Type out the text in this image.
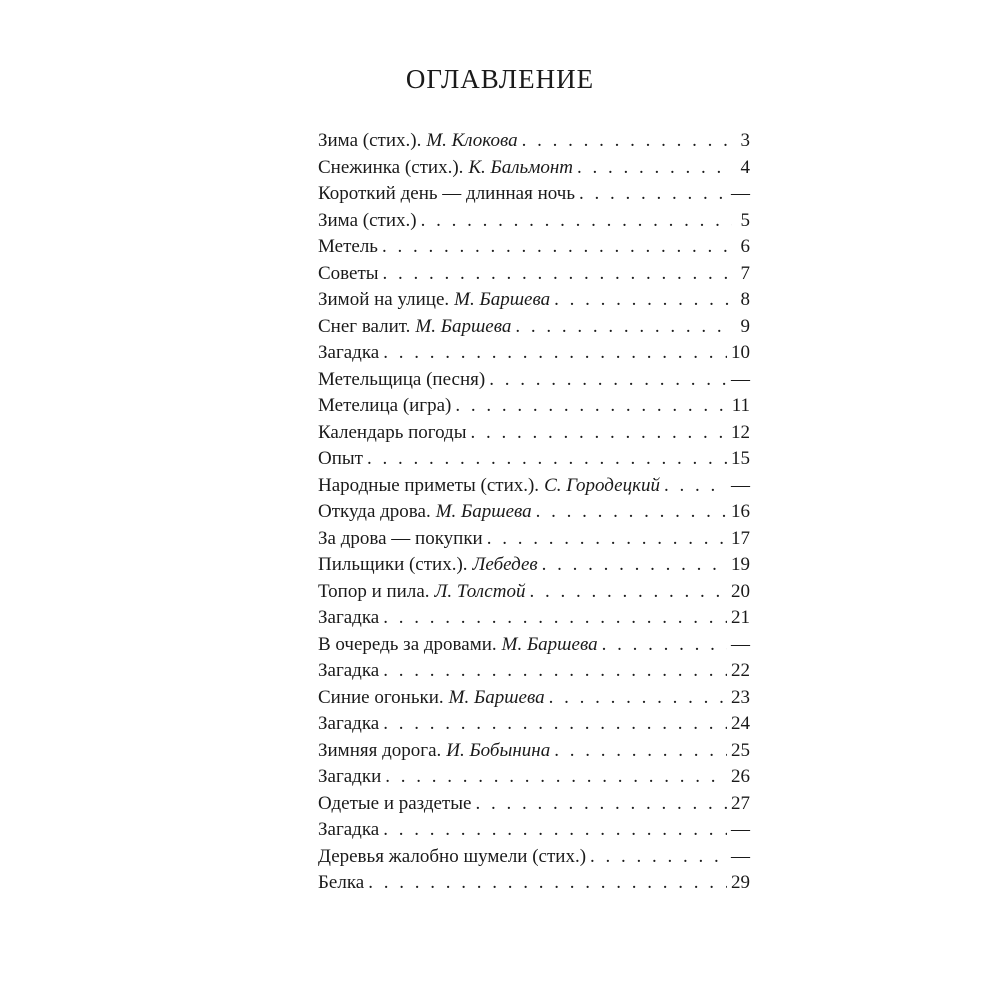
ОГЛАВЛЕНИЕ
Зима (стих.). М. Клокова . . .	3
Снежинка (стих.). К. Бальмонт . . .	4
Короткий день — длинная ночь . . .	—
Зима (стих.) . . .	5
Метель . . .	6
Советы . . .	7
Зимой на улице. М. Баршева . . .	8
Снег валит. М. Баршева . . .	9
Загадка . . .	10
Метельщица (песня) . . .	—
Метелица (игра) . . .	11
Календарь погоды . . .	12
Опыт . . .	15
Народные приметы (стих.). С. Городецкий . . .	—
Откуда дрова. М. Баршева . . .	16
За дрова — покупки . . .	17
Пильщики (стих.). Лебедев . . .	19
Топор и пила. Л. Толстой . . .	20
Загадка . . .	21
В очередь за дровами. М. Баршева . . .	—
Загадка . . .	22
Синие огоньки. М. Баршева . . .	23
Загадка . . .	24
Зимняя дорога. И. Бобынина . . .	25
Загадки . . .	26
Одетые и раздетые . . .	27
Загадка . . .	—
Деревья жалобно шумели (стих.) . . .	—
Белка . . .	29
